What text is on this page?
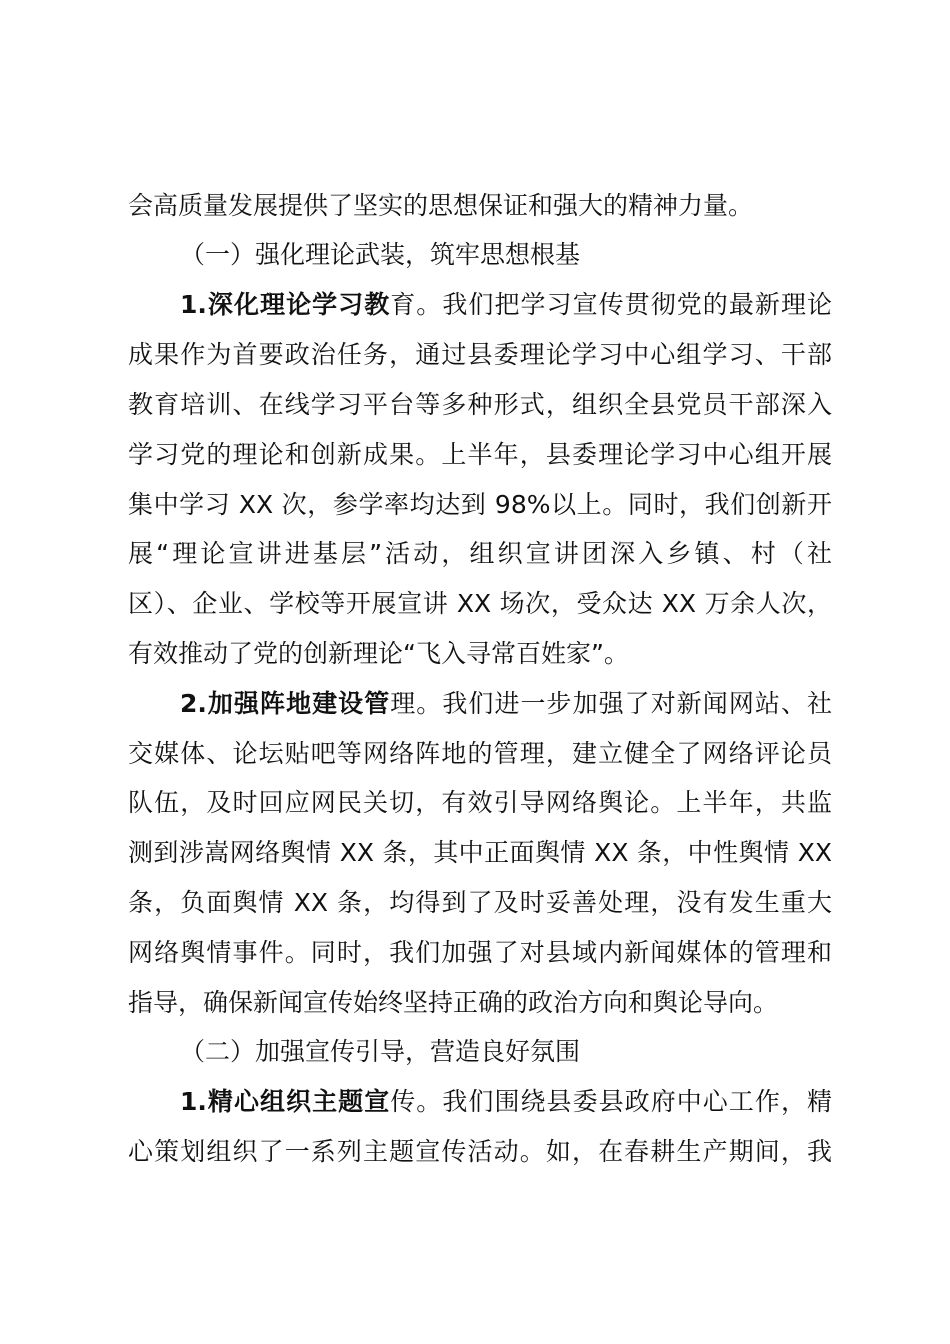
会高质量发展提供了坚实的思想保证和强大的精神力量。
（一）强化理论武装，筑牢思想根基
1.深化理论学习教育。我们把学习宣传贯彻党的最新理论
成果作为首要政治任务，通过县委理论学习中心组学习、干部
教育培训、在线学习平台等多种形式，组织全县党员干部深入
学习党的理论和创新成果。上半年，县委理论学习中心组开展
集中学习 XX 次，参学率均达到 98%以上。同时，我们创新开
展“理论宣讲进基层”活动，组织宣讲团深入乡镇、村（社
区）、企业、学校等开展宣讲 XX 场次，受众达 XX 万余人次，
有效推动了党的创新理论“飞入寻常百姓家”。
2.加强阵地建设管理。我们进一步加强了对新闻网站、社
交媒体、论坛贴吧等网络阵地的管理，建立健全了网络评论员
队伍，及时回应网民关切，有效引导网络舆论。上半年，共监
测到涉嵩网络舆情 XX 条，其中正面舆情 XX 条，中性舆情 XX
条，负面舆情 XX 条，均得到了及时妥善处理，没有发生重大
网络舆情事件。同时，我们加强了对县域内新闻媒体的管理和
指导，确保新闻宣传始终坚持正确的政治方向和舆论导向。
（二）加强宣传引导，营造良好氛围
1.精心组织主题宣传。我们围绕县委县政府中心工作，精
心策划组织了一系列主题宣传活动。如，在春耕生产期间，我
